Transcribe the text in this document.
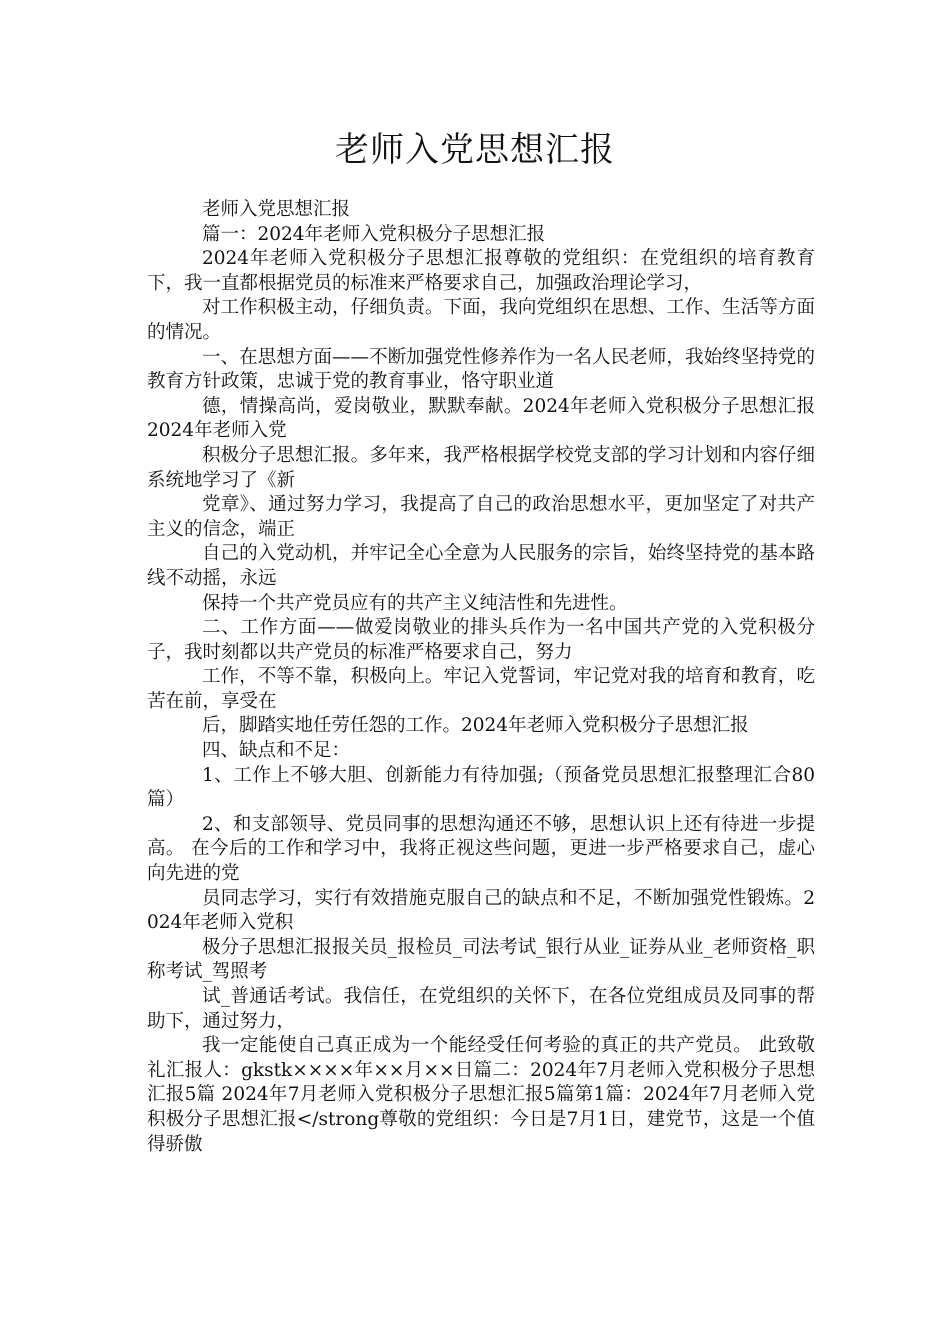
老师入党思想汇报

老师入党思想汇报

篇一：2024年老师入党积极分子思想汇报

2024年老师入党积极分子思想汇报尊敬的党组织：在党组织的培育教育下，我一直都根据党员的标准来严格要求自己，加强政治理论学习，

对工作积极主动，仔细负责。下面，我向党组织在思想、工作、生活等方面的情况。

一、在思想方面——不断加强党性修养作为一名人民老师，我始终坚持党的教育方针政策，忠诚于党的教育事业，恪守职业道

德，情操高尚，爱岗敬业，默默奉献。2024年老师入党积极分子思想汇报2024年老师入党

积极分子思想汇报。多年来，我严格根据学校党支部的学习计划和内容仔细系统地学习了《新

党章》、通过努力学习，我提高了自己的政治思想水平，更加坚定了对共产主义的信念，端正

自己的入党动机，并牢记全心全意为人民服务的宗旨，始终坚持党的基本路线不动摇，永远

保持一个共产党员应有的共产主义纯洁性和先进性。

二、工作方面——做爱岗敬业的排头兵作为一名中国共产党的入党积极分子，我时刻都以共产党员的标准严格要求自己，努力

工作，不等不靠，积极向上。牢记入党誓词，牢记党对我的培育和教育，吃苦在前，享受在

后，脚踏实地任劳任怨的工作。2024年老师入党积极分子思想汇报

四、缺点和不足：

1、工作上不够大胆、创新能力有待加强;（预备党员思想汇报整理汇合80篇）

2、和支部领导、党员同事的思想沟通还不够，思想认识上还有待进一步提高。 在今后的工作和学习中，我将正视这些问题，更进一步严格要求自己，虚心向先进的党

员同志学习，实行有效措施克服自己的缺点和不足，不断加强党性锻炼。2024年老师入党积

极分子思想汇报报关员_报检员_司法考试_银行从业_证券从业_老师资格_职称考试_驾照考

试_普通话考试。我信任，在党组织的关怀下，在各位党组成员及同事的帮助下，通过努力，

我一定能使自己真正成为一个能经受任何考验的真正的共产党员。 此致敬礼汇报人：gkstk××××年××月××日篇二：2024年7月老师入党积极分子思想汇报5篇 2024年7月老师入党积极分子思想汇报5篇第1篇：2024年7月老师入党积极分子思想汇报</strong尊敬的党组织：今日是7月1日，建党节，这是一个值得骄傲
